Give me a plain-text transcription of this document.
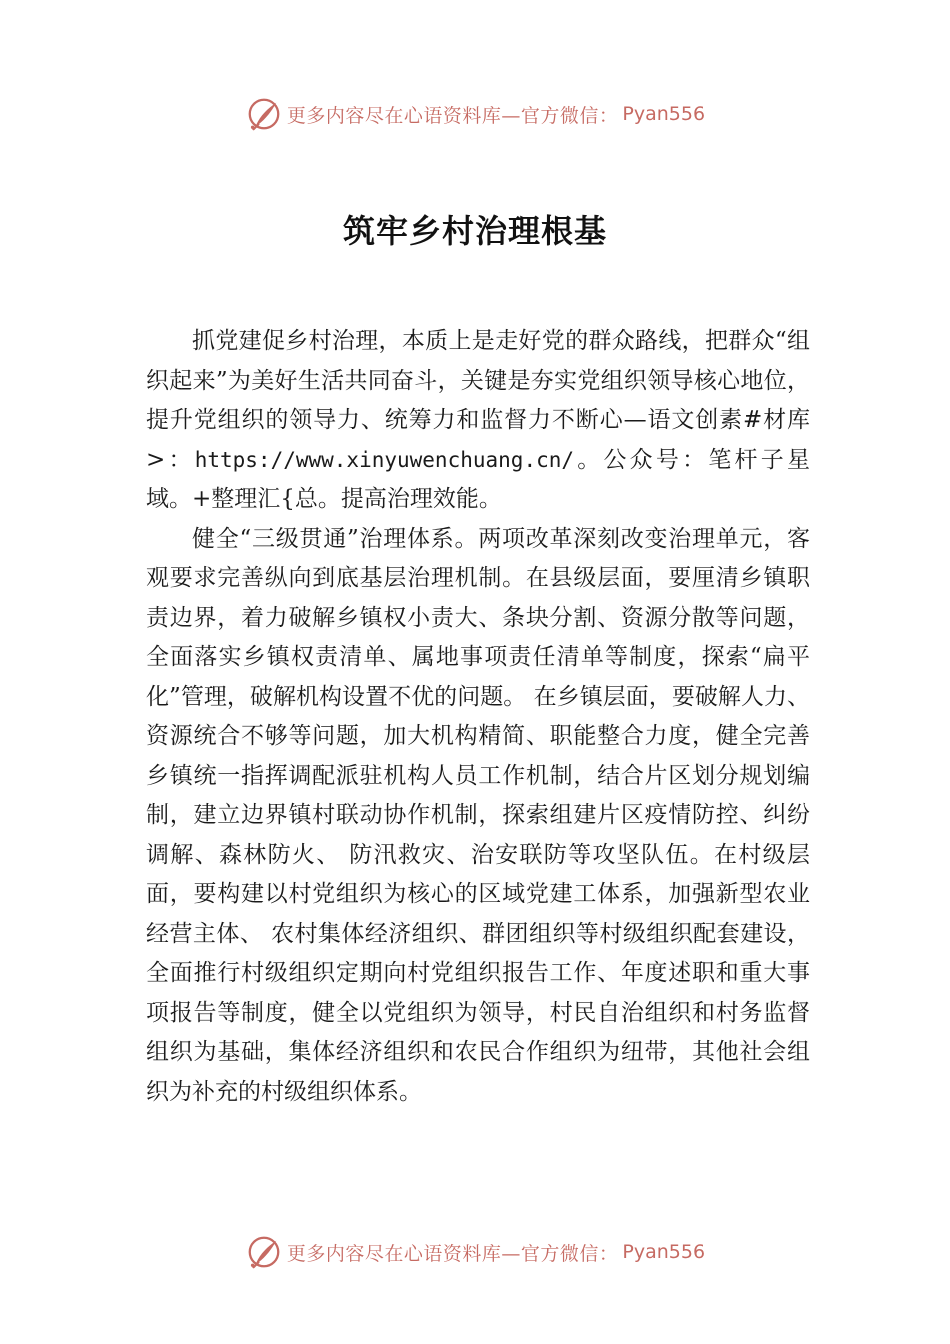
更多内容尽在心语资料库—官方微信： Pyan556
筑牢乡村治理根基

抓党建促乡村治理，本质上是走好党的群众路线，把群众“组织起来”为美好生活共同奋斗，关键是夯实党组织领导核心地位，提升党组织的领导力、统筹力和监督力不断心—语文创素#材库>：https://www.xinyuwenchuang.cn/。公众号：笔杆子星域。+整理汇{总。提高治理效能。

健全“三级贯通”治理体系。两项改革深刻改变治理单元，客观要求完善纵向到底基层治理机制。在县级层面，要厘清乡镇职责边界，着力破解乡镇权小责大、条块分割、资源分散等问题，全面落实乡镇权责清单、属地事项责任清单等制度，探索“扁平化”管理，破解机构设置不优的问题。 在乡镇层面，要破解人力、资源统合不够等问题，加大机构精简、职能整合力度，健全完善乡镇统一指挥调配派驻机构人员工作机制，结合片区划分规划编制，建立边界镇村联动协作机制，探索组建片区疫情防控、纠纷调解、森林防火、 防汛救灾、治安联防等攻坚队伍。在村级层面，要构建以村党组织为核心的区域党建工体系，加强新型农业经营主体、 农村集体经济组织、群团组织等村级组织配套建设，全面推行村级组织定期向村党组织报告工作、年度述职和重大事项报告等制度，健全以党组织为领导，村民自治组织和村务监督组织为基础，集体经济组织和农民合作组织为纽带，其他社会组织为补充的村级组织体系。

更多内容尽在心语资料库—官方微信： Pyan556
